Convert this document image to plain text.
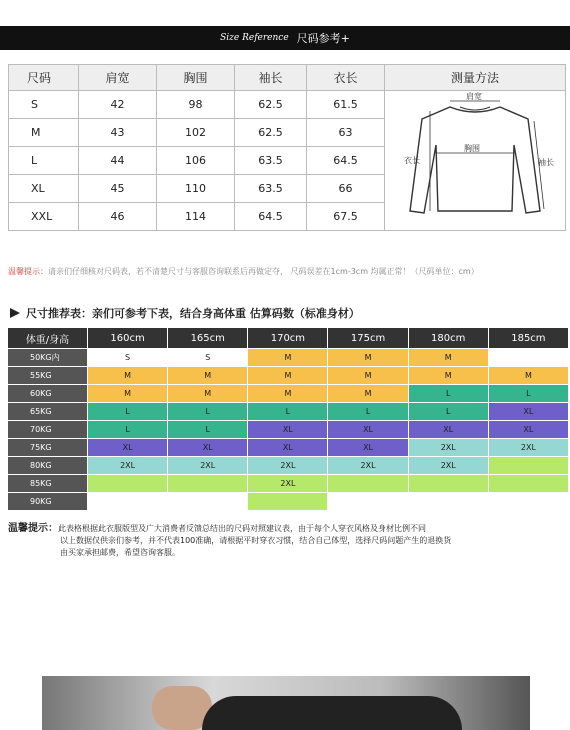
Size Reference 尺码参考+
尺码	肩宽	胸围	袖长	衣长	测量方法
S	42	98	62.5	61.5	肩宽
胸围
衣长 袖长

M	43	102	62.5	63	
L	44	106	63.5	64.5	
XL	45	110	63.5	66	
XXL	46	114	64.5	67.5	
温馨提示：请亲们仔细核对尺码表，若不清楚尺寸与客服咨询联系后再做定夺， 尺码误差在1cm-3cm 均属正常！（尺码单位：cm）
尺寸推荐表：亲们可参考下表，结合身高体重 估算码数（标准身材）
体重/身高	160cm	165cm	170cm	175cm	180cm	185cm
50KG内	S	S	M	M	M	
55KG	M	M	M	M	M	M
60KG	M	M	M	M	L	L
65KG	L	L	L	L	L	XL
70KG	L	L	XL	XL	XL	XL
75KG	XL	XL	XL	XL	2XL	2XL
80KG	2XL	2XL	2XL	2XL	2XL	
85KG			2XL			
90KG						
温馨提示：此表格根据此衣服版型及广大消费者反馈总结出的尺码对照建议表，由于每个人穿衣风格及身材比例不同
以上数据仅供亲们参考，并不代表100准确，请根据平时穿衣习惯，结合自己体型，选择尺码问题产生的退换货
由买家承担邮费，希望咨询客服。
